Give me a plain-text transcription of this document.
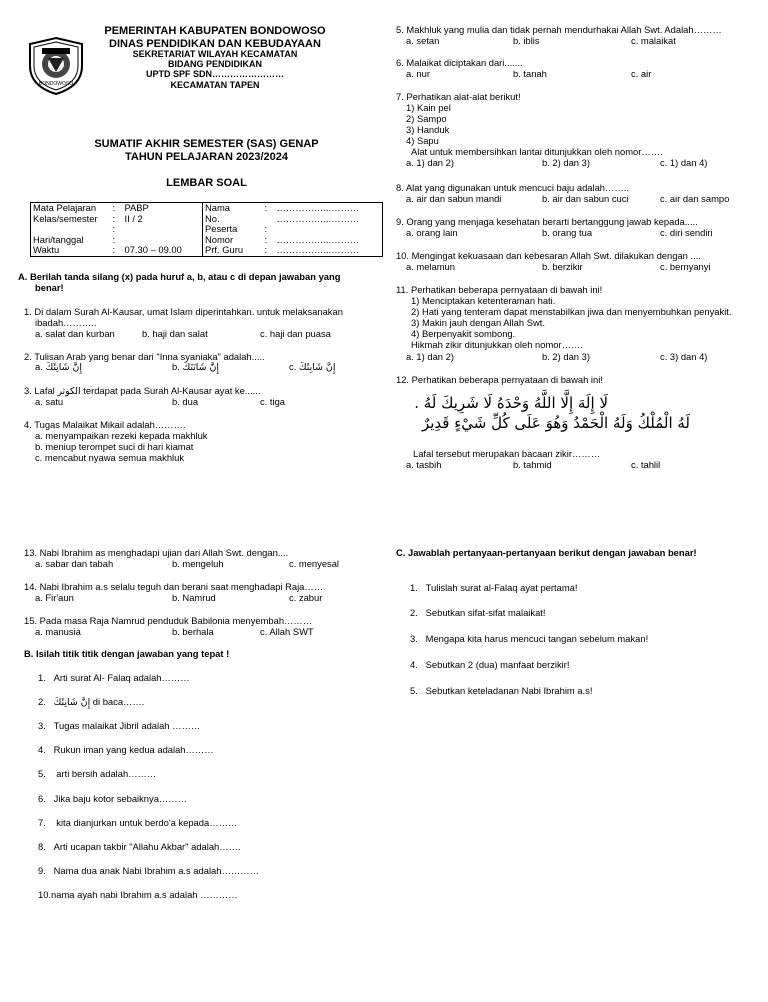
BONDOWOSO
PEMERINTAH KABUPATEN BONDOWOSO
DINAS PENDIDIKAN DAN KEBUDAYAAN
SEKRETARIAT WILAYAH KECAMATAN
BIDANG PENDIDIKAN
UPTD SPF SDN……………………
KECAMATAN TAPEN
SUMATIF AKHIR SEMESTER (SAS) GENAP
TAHUN PELAJARAN 2023/2024
LEMBAR SOAL
Mata Pelajaran	:	PABP	Nama	:	……………...………
Kelas/semester	:	II / 2	No.		……………...………
	:		Peserta	:	
Hari/tanggal	:		Nomor	:	……………...………
Waktu	:	07.30 – 09.00	Prf. Guru	:	……………...………
A. Berilah tanda silang (x) pada huruf a, b, atau c di depan jawaban yang
benar!
1. Di dalam Surah Al-Kausar, umat Islam diperintahkan. untuk melaksanakan
ibadah………..
a. salat dan kurban	b. haji dan salat	c. haji dan puasa
2. Tulisan Arab yang benar dari "Inna syaniaka" adalah.....
a. إِنَّ شَانِئَكَ	b. إِنَّ شَانَتَكَ	c. إِنَّ شَابِئَكَ
3. Lafal الكوثر terdapat pada Surah Al-Kausar ayat ke......
a. satu	b. dua	c. tiga
4. Tugas Malaikat Mikail adalah……….
a. menyampaikan rezeki kepada makhluk
b. meniup terompet suci di hari kiamat
c. mencabut nyawa semua makhluk
5. Makhluk yang mulia dan tidak pernah mendurhakai Allah Swt. Adalah………
a. setan	b. iblis	c. malaikat
6. Malaikat diciptakan dari.......
a. nur	b. tanah	c. air
7. Perhatikan alat-alat berikut!
1) Kain pel
2) Sampo
3) Handuk
4) Sapu
Alat untuk membersihkan lantai ditunjukkan oleh nomor…….
a. 1) dan 2)	b. 2) dan 3)	c. 1) dan 4)
8. Alat yang digunakan untuk mencuci baju adalah……..
a. air dan sabun mandi	b. air dan sabun cuci	c. air dan sampo
9. Orang yang menjaga kesehatan berarti bertanggung jawab kepada.....
a. orang lain	b. orang tua	c. diri sendiri
10. Mengingat kekuasaan dan kebesaran Allah Swt. dilakukan dengan ....
a. melamun	b. berzikir	c. bernyanyi
11. Perhatikan beberapa pernyataan di bawah ini!
1) Menciptakan ketenteraman hati.
2) Hati yang tenteram dapat menstabilkan jiwa dan menyembuhkan penyakit.
3) Makin jauh dengan Allah Swt.
4) Berpenyakit sombong.
Hikmah zikir ditunjukkan oleh nomor…….
a. 1) dan 2)	b. 2) dan 3)	c. 3) dan 4)
12. Perhatikan beberapa pernyataan di bawah ini!
لَا إِلَهَ إِلَّا اللَّهُ وَحْدَهُ لَا شَرِيكَ لَهُ .
لَهُ الْمُلْكُ وَلَهُ الْحَمْدُ وَهُوَ عَلَى كُلِّ شَيْءٍ قَدِيرٌ
Lafal tersebut merupakan bacaan zikir………
a. tasbih	b. tahmid	c. tahlil
13. Nabi Ibrahim as menghadapi ujian dari Allah Swt. dengan....
a. sabar dan tabah	b. mengeluh	c. menyesal
14. Nabi Ibrahim a.s selalu teguh dan berani saat menghadapi Raja……
a. Fir'aun	b. Namrud	c. zabur
15. Pada masa Raja Namrud penduduk Babilonia menyembah………
a. manusia	b. berhala	c. Allah SWT
B. Isilah titik titik dengan jawaban yang tepat !
1. Arti surat Al- Falaq adalah………
2. إِنَّ شَانِئَكَ di baca…….
3. Tugas malaikat Jibril adalah ………
4. Rukun iman yang kedua adalah………
5.    arti bersih adalah………
6. Jika baju kotor sebaiknya………
7.    kita dianjurkan untuk berdo'a kepada………
8. Arti ucapan takbir "Allahu Akbar" adalah…….
9. Nama dua anak Nabi Ibrahim a.s adalah…………
10.nama ayah nabi Ibrahim a.s adalah …………
C. Jawablah pertanyaan-pertanyaan berikut dengan jawaban benar!
1. Tulislah surat al-Falaq ayat pertama!
2. Sebutkan sifat-sifat malaikat!
3. Mengapa kita harus mencuci tangan sebelum makan!
4. Sebutkan 2 (dua) manfaat berzikir!
5. Sebutkan keteladanan Nabi Ibrahim a.s!
